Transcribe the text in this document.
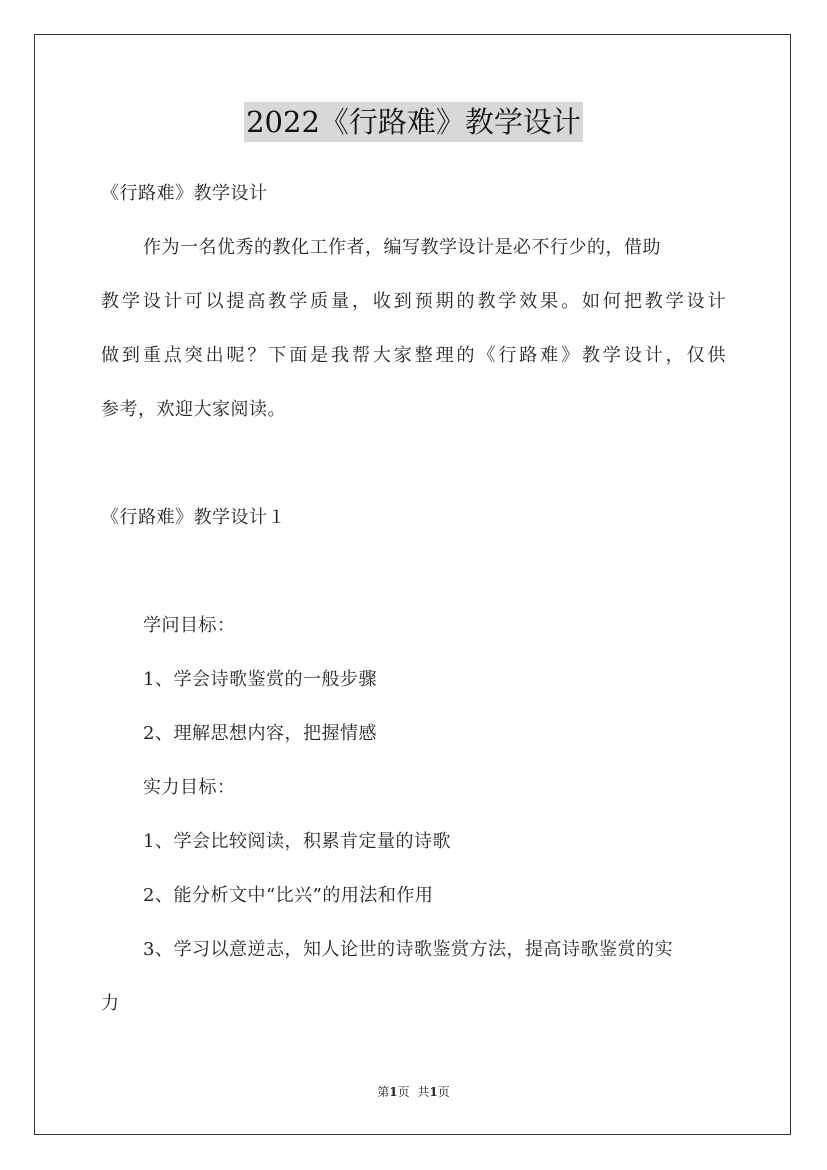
2022《行路难》教学设计
《行路难》教学设计
作为一名优秀的教化工作者，编写教学设计是必不行少的，借助
教学设计可以提高教学质量，收到预期的教学效果。如何把教学设计
做到重点突出呢？下面是我帮大家整理的《行路难》教学设计，仅供
参考，欢迎大家阅读。
《行路难》教学设计１
学问目标：
1、学会诗歌鉴赏的一般步骤
2、理解思想内容，把握情感
实力目标：
1、学会比较阅读，积累肯定量的诗歌
2、能分析文中“比兴”的用法和作用
3、学习以意逆志，知人论世的诗歌鉴赏方法，提高诗歌鉴赏的实
力
第1页 共1页
